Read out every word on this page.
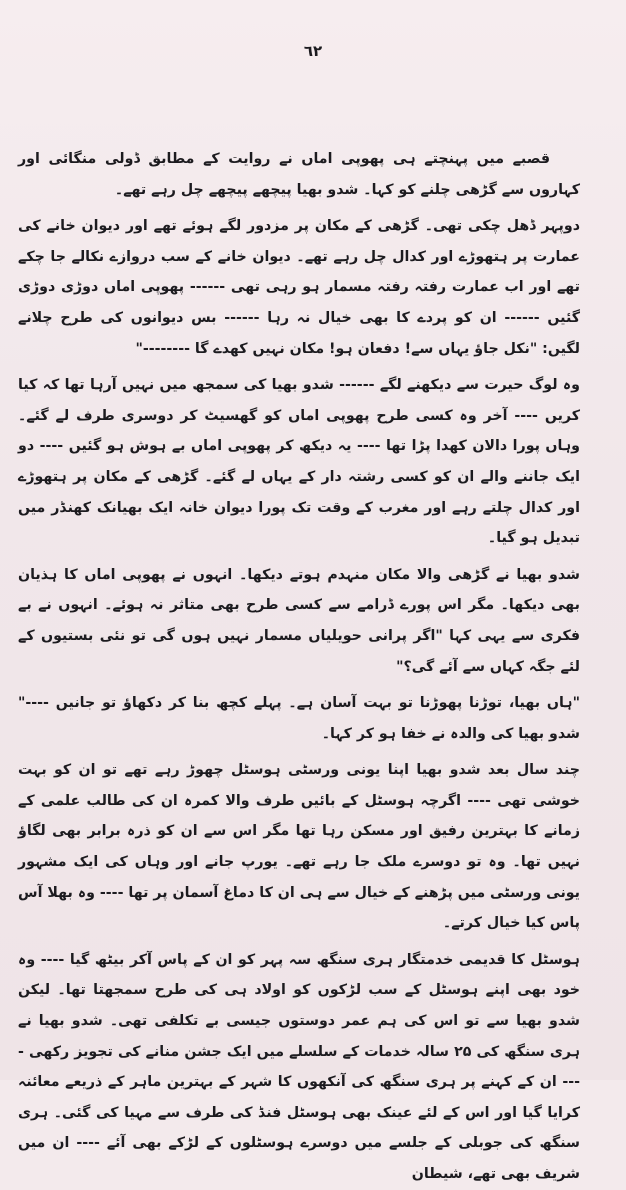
٦٢

قصبے میں پہنچتے ہی پھوپی اماں نے روایت کے مطابق ڈولی منگائی اور کہاروں سے گڑھی چلنے کو کہا۔ شدو بھیا پیچھے پیچھے چل رہے تھے۔

دوپہر ڈھل چکی تھی۔ گڑھی کے مکان پر مزدور لگے ہوئے تھے اور دیوان خانے کی عمارت پر ہتھوڑے اور کدال چل رہے تھے۔ دیوان خانے کے سب دروازے نکالے جا چکے تھے اور اب عمارت رفتہ رفتہ مسمار ہو رہی تھی ------ پھوپی اماں دوڑی دوڑی گئیں ------ ان کو پردے کا بھی خیال نہ رہا ------ بس دیوانوں کی طرح چلانے لگیں: "نکل جاؤ یہاں سے! دفعان ہو! مکان نہیں کھدے گا --------"

وہ لوگ حیرت سے دیکھنے لگے ------ شدو بھیا کی سمجھ میں نہیں آرہا تھا کہ کیا کریں ---- آخر وہ کسی طرح پھوپی اماں کو گھسیٹ کر دوسری طرف لے گئے۔ وہاں پورا دالان کھدا پڑا تھا ---- یہ دیکھ کر پھوپی اماں بے ہوش ہو گئیں ---- دو ایک جاننے والے ان کو کسی رشتہ دار کے یہاں لے گئے۔ گڑھی کے مکان پر ہتھوڑے اور کدال چلتے رہے اور مغرب کے وقت تک پورا دیوان خانہ ایک بھیانک کھنڈر میں تبدیل ہو گیا۔

شدو بھیا نے گڑھی والا مکان منہدم ہوتے دیکھا۔ انہوں نے پھوپی اماں کا ہذیان بھی دیکھا۔ مگر اس پورے ڈرامے سے کسی طرح بھی متاثر نہ ہوئے۔ انہوں نے بے فکری سے یہی کہا "اگر پرانی حویلیاں مسمار نہیں ہوں گی تو نئی بستیوں کے لئے جگہ کہاں سے آئے گی؟"

"ہاں بھیا، توڑنا پھوڑنا تو بہت آسان ہے۔ پہلے کچھ بنا کر دکھاؤ تو جانیں ----" شدو بھیا کی والدہ نے خفا ہو کر کہا۔

چند سال بعد شدو بھیا اپنا یونی ورسٹی ہوسٹل چھوڑ رہے تھے تو ان کو بہت خوشی تھی ---- اگرچہ ہوسٹل کے بائیں طرف والا کمرہ ان کی طالب علمی کے زمانے کا بہترین رفیق اور مسکن رہا تھا مگر اس سے ان کو ذرہ برابر بھی لگاؤ نہیں تھا۔ وہ تو دوسرے ملک جا رہے تھے۔ یورپ جانے اور وہاں کی ایک مشہور یونی ورسٹی میں پڑھنے کے خیال سے ہی ان کا دماغ آسمان پر تھا ---- وہ بھلا آس پاس کیا خیال کرتے۔

ہوسٹل کا قدیمی خدمتگار ہری سنگھ سہ پہر کو ان کے پاس آکر بیٹھ گیا ---- وہ خود بھی اپنے ہوسٹل کے سب لڑکوں کو اولاد ہی کی طرح سمجھتا تھا۔ لیکن شدو بھیا سے تو اس کی ہم عمر دوستوں جیسی بے تکلفی تھی۔ شدو بھیا نے ہری سنگھ کی ۲۵ سالہ خدمات کے سلسلے میں ایک جشن منانے کی تجویز رکھی ---- ان کے کہنے پر ہری سنگھ کی آنکھوں کا شہر کے بہترین ماہر کے ذریعے معائنہ کرایا گیا اور اس کے لئے عینک بھی ہوسٹل فنڈ کی طرف سے مہیا کی گئی۔ ہری سنگھ کی جوبلی کے جلسے میں دوسرے ہوسٹلوں کے لڑکے بھی آئے ---- ان میں شریف بھی تھے، شیطان
